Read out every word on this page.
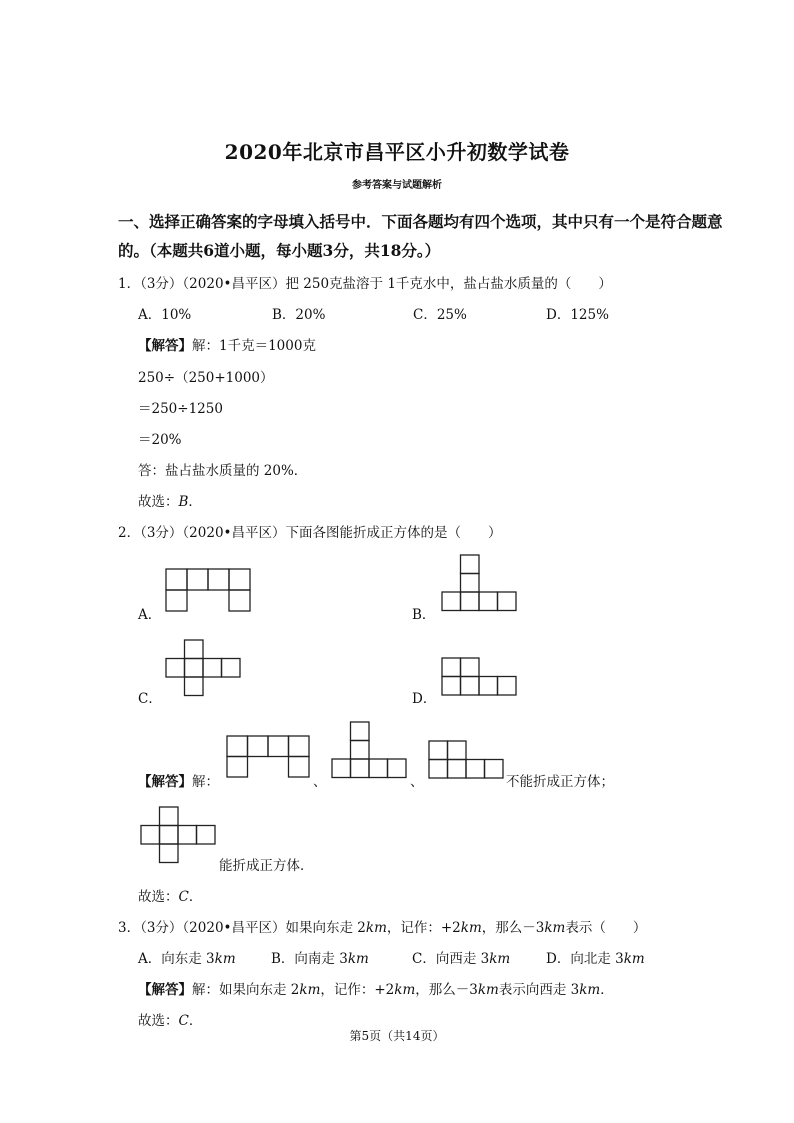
2020年北京市昌平区小升初数学试卷
参考答案与试题解析
一、选择正确答案的字母填入括号中．下面各题均有四个选项，其中只有一个是符合题意
的。（本题共6道小题，每小题3分，共18分。）
1．（3分）（2020•昌平区）把 250克盐溶于 1千克水中，盐占盐水质量的（　　）
A．10%	B．20%	C．25%	D．125%
【解答】解：1千克＝1000克
250÷（250+1000）
＝250÷1250
＝20%
答：盐占盐水质量的 20%．
故选：B．
2．（3分）（2020•昌平区）下面各图能折成正方体的是（　　）
A．	B．
C．	D．
【解答】解：	、	、	不能折成正方体；
能折成正方体．
故选：C．
3．（3分）（2020•昌平区）如果向东走 2km，记作：+2km，那么－3km表示（　　）
A．向东走 3km	B．向南走 3km	C．向西走 3km	D．向北走 3km
【解答】解：如果向东走 2km，记作：+2km，那么－3km表示向西走 3km．
故选：C．
第5页（共14页）
